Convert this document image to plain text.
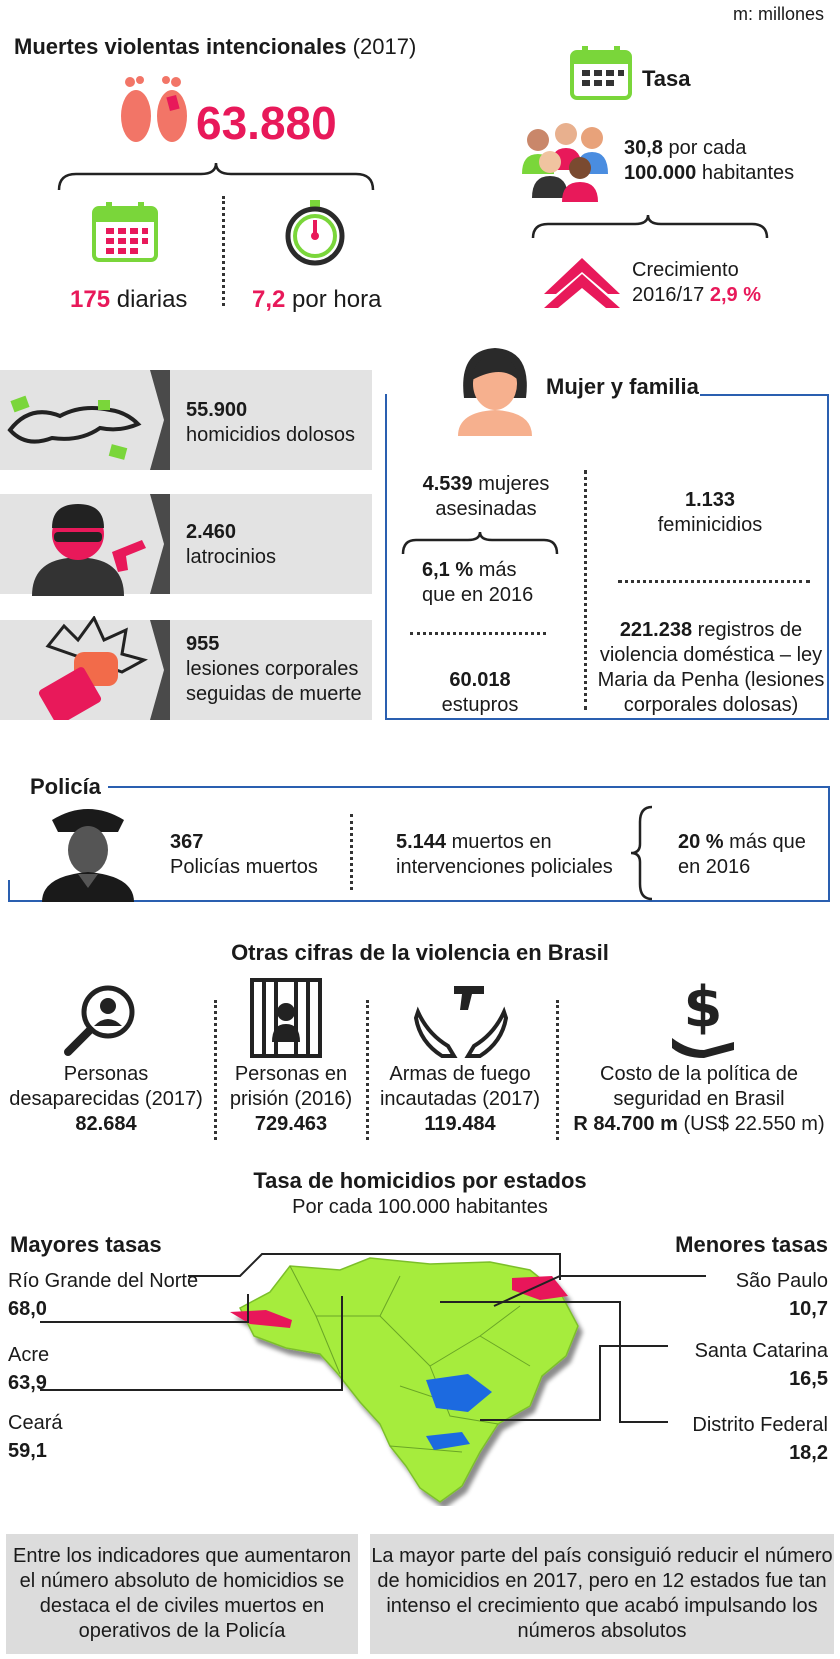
m: millones
Muertes violentas intencionales (2017)
63.880
175 diarias	7,2 por hora
Tasa
30,8 por cada
100.000 habitantes
Crecimiento
2016/17 2,9 %
55.900
homicidios dolosos
2.460
latrocinios
955
lesiones corporales
seguidas de muerte
Mujer y familia
4.539 mujeres
asesinadas
6,1 % más
que en 2016
60.018
estupros
1.133
feminicidios
221.238 registros de
violencia doméstica – ley
Maria da Penha (lesiones
corporales dolosas)
Policía
367
Policías muertos
5.144 muertos en
intervenciones policiales
20 % más que
en 2016
Otras cifras de la violencia en Brasil
$
Personas
desaparecidas (2017)
82.684
Personas en
prisión (2016)
729.463
Armas de fuego
incautadas (2017)
119.484
Costo de la política de
seguridad en Brasil
R 84.700 m (US$ 22.550 m)
Tasa de homicidios por estados
Por cada 100.000 habitantes
Mayores tasas	Menores tasas
Río Grande del Norte
68,0
Acre
63,9
Ceará
59,1
São Paulo
10,7
Santa Catarina
16,5
Distrito Federal
18,2
Entre los indicadores que aumentaron
el número absoluto de homicidios se
destaca el de civiles muertos en
operativos de la Policía
La mayor parte del país consiguió reducir el número
de homicidios en 2017, pero en 12 estados fue tan
intenso el crecimiento que acabó impulsando los
números absolutos
